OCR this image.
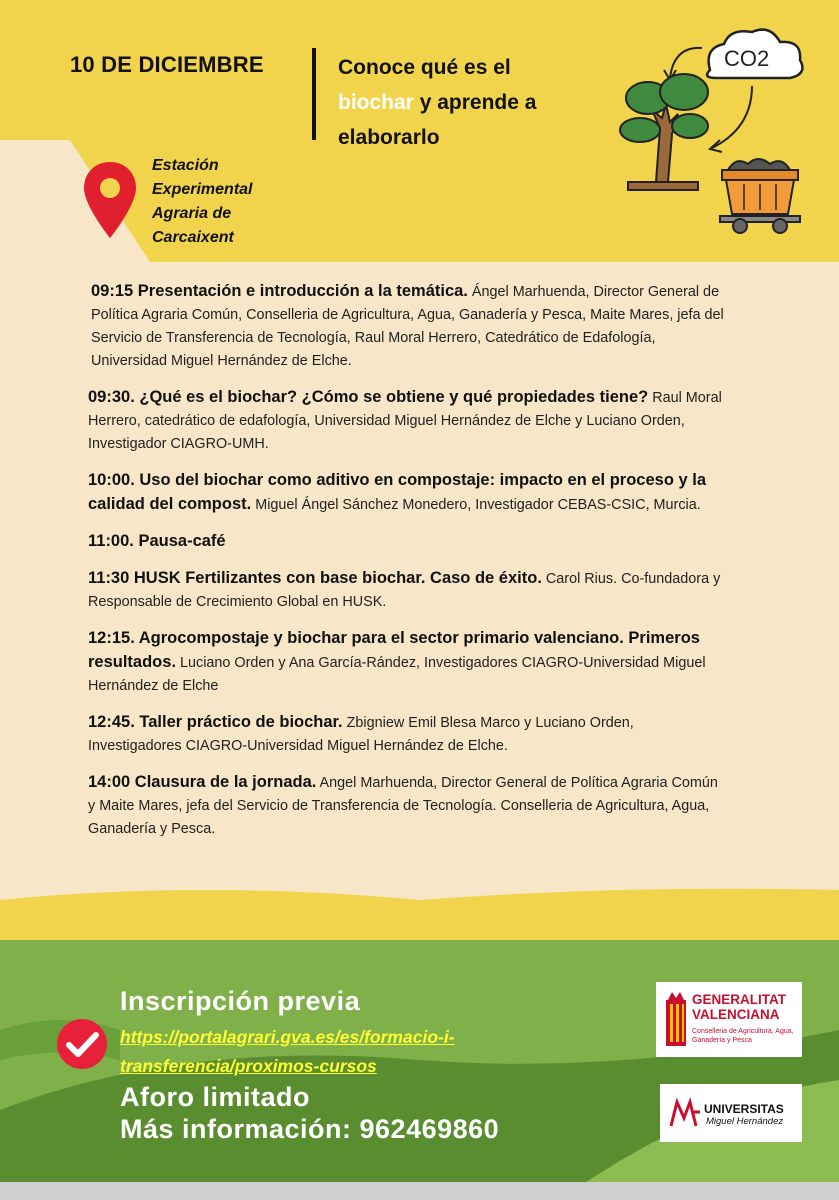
10 DE DICIEMBRE	Conoce qué es el
biochar y aprende a
elaborarlo
Estación
Experimental
Agraria de
Carcaixent
CO2
09:15 Presentación e introducción a la temática. Ángel Marhuenda, Director General de Política Agraria Común, Conselleria de Agricultura, Agua, Ganadería y Pesca, Maite Mares, jefa del Servicio de Transferencia de Tecnología, Raul Moral Herrero, Catedrático de Edafología, Universidad Miguel Hernández de Elche.
09:30. ¿Qué es el biochar? ¿Cómo se obtiene y qué propiedades tiene? Raul Moral Herrero, catedrático de edafología, Universidad Miguel Hernández de Elche y Luciano Orden, Investigador CIAGRO-UMH.
10:00. Uso del biochar como aditivo en compostaje: impacto en el proceso y la calidad del compost. Miguel Ángel Sánchez Monedero, Investigador CEBAS-CSIC, Murcia.
11:00. Pausa-café
11:30 HUSK Fertilizantes con base biochar. Caso de éxito. Carol Rius. Co-fundadora y Responsable de Crecimiento Global en HUSK.
12:15. Agrocompostaje y biochar para el sector primario valenciano. Primeros resultados. Luciano Orden y Ana García-Rández, Investigadores CIAGRO-Universidad Miguel Hernández de Elche
12:45. Taller práctico de biochar. Zbigniew Emil Blesa Marco y Luciano Orden, Investigadores CIAGRO-Universidad Miguel Hernández de Elche.
14:00 Clausura de la jornada. Angel Marhuenda, Director General de Política Agraria Común y Maite Mares, jefa del Servicio de Transferencia de Tecnología. Conselleria de Agricultura, Agua, Ganadería y Pesca.
Inscripción previa
https://portalagrari.gva.es/es/formacio-i-transferencia/proximos-cursos
Aforo limitado
Más información: 962469860
GENERALITAT
VALENCIANA
Conselleria de Agricultura, Agua, Ganadería y Pesca
UNIVERSITAS
Miguel Hernández
